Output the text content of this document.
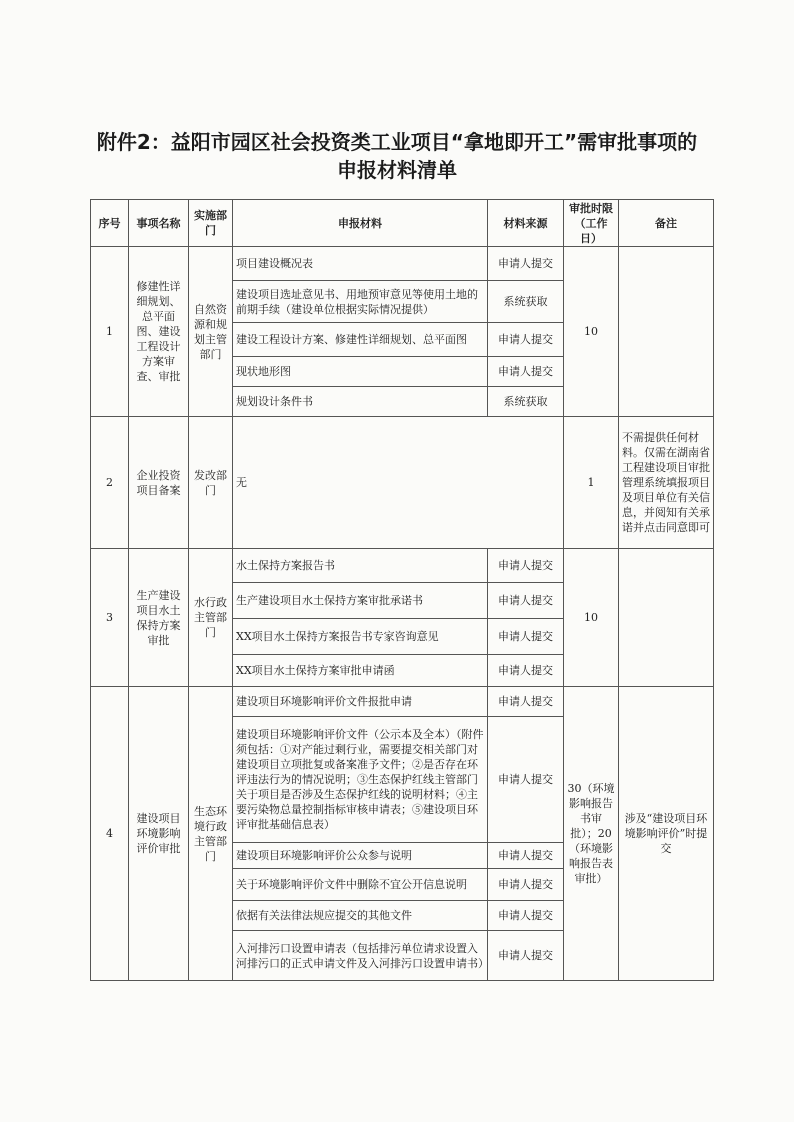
附件2：益阳市园区社会投资类工业项目“拿地即开工”需审批事项的
申报材料清单
序号	事项名称	实施部门	申报材料	材料来源	审批时限（工作日）	备注
1	修建性详细规划、总平面图、建设工程设计方案审查、审批	自然资源和规划主管部门	项目建设概况表	申请人提交	10	
			建设项目选址意见书、用地预审意见等使用土地的前期手续（建设单位根据实际情况提供）	系统获取		
			建设工程设计方案、修建性详细规划、总平面图	申请人提交		
			现状地形图	申请人提交		
			规划设计条件书	系统获取		
2	企业投资项目备案	发改部门	无		1	不需提供任何材料。仅需在湖南省工程建设项目审批管理系统填报项目及项目单位有关信息，并阅知有关承诺并点击同意即可
3	生产建设项目水土保持方案审批	水行政主管部门	水土保持方案报告书	申请人提交	10	
			生产建设项目水土保持方案审批承诺书	申请人提交		
			XX项目水土保持方案报告书专家咨询意见	申请人提交		
			XX项目水土保持方案审批申请函	申请人提交		
4	建设项目环境影响评价审批	生态环境行政主管部门	建设项目环境影响评价文件报批申请	申请人提交	30（环境影响报告书审批）；20（环境影响报告表审批）	涉及“建设项目环境影响评价”时提交
			建设项目环境影响评价文件（公示本及全本）（附件须包括：①对产能过剩行业，需要提交相关部门对建设项目立项批复或备案准予文件；②是否存在环评违法行为的情况说明；③生态保护红线主管部门关于项目是否涉及生态保护红线的说明材料；④主要污染物总量控制指标审核申请表；⑤建设项目环评审批基础信息表）	申请人提交		
			建设项目环境影响评价公众参与说明	申请人提交		
			关于环境影响评价文件中删除不宜公开信息说明	申请人提交		
			依据有关法律法规应提交的其他文件	申请人提交		
			入河排污口设置申请表（包括排污单位请求设置入河排污口的正式申请文件及入河排污口设置申请书）	申请人提交		
